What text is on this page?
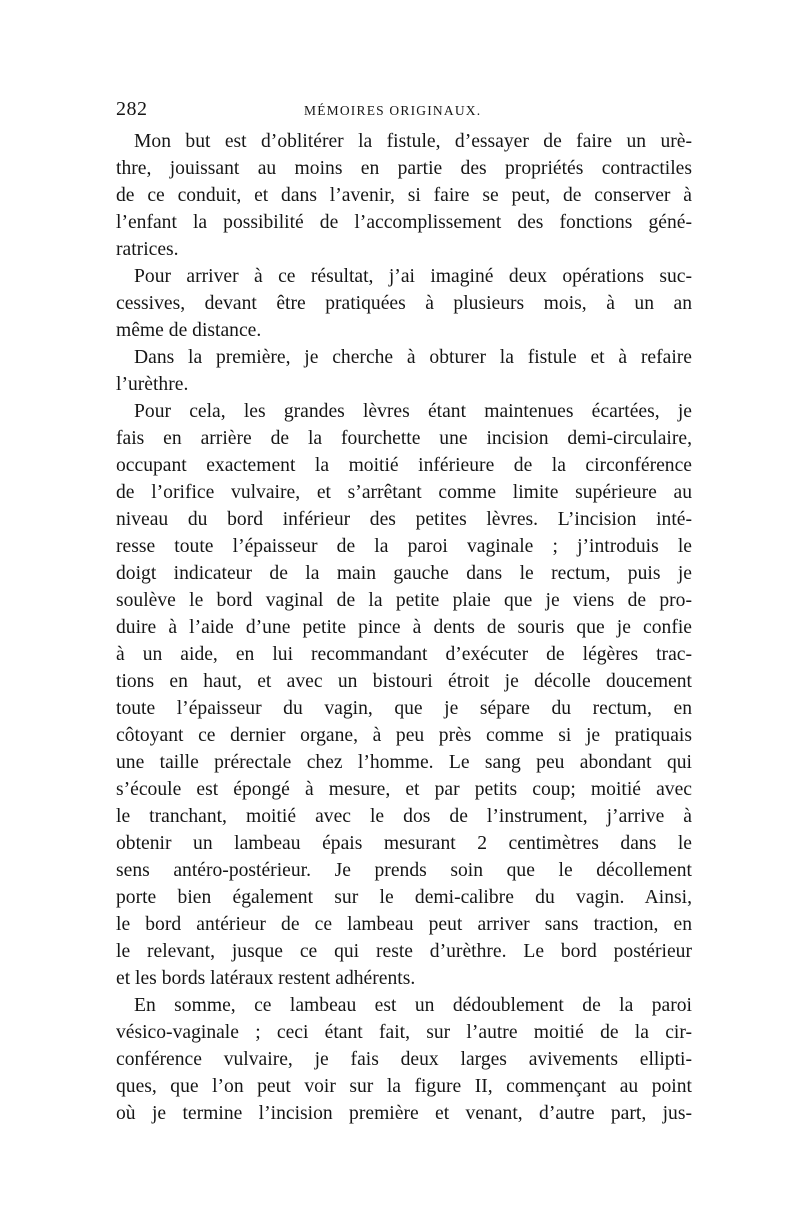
282	MÉMOIRES ORIGINAUX.
Mon but est d’oblitérer la fistule, d’essayer de faire un urè-
thre, jouissant au moins en partie des propriétés contractiles
de ce conduit, et dans l’avenir, si faire se peut, de conserver à
l’enfant la possibilité de l’accomplissement des fonctions géné-
ratrices.
Pour arriver à ce résultat, j’ai imaginé deux opérations suc-
cessives, devant être pratiquées à plusieurs mois, à un an
même de distance.
Dans la première, je cherche à obturer la fistule et à refaire
l’urèthre.
Pour cela, les grandes lèvres étant maintenues écartées, je
fais en arrière de la fourchette une incision demi-circulaire,
occupant exactement la moitié inférieure de la circonférence
de l’orifice vulvaire, et s’arrêtant comme limite supérieure au
niveau du bord inférieur des petites lèvres. L’incision inté-
resse toute l’épaisseur de la paroi vaginale ; j’introduis le
doigt indicateur de la main gauche dans le rectum, puis je
soulève le bord vaginal de la petite plaie que je viens de pro-
duire à l’aide d’une petite pince à dents de souris que je confie
à un aide, en lui recommandant d’exécuter de légères trac-
tions en haut, et avec un bistouri étroit je décolle doucement
toute l’épaisseur du vagin, que je sépare du rectum, en
côtoyant ce dernier organe, à peu près comme si je pratiquais
une taille prérectale chez l’homme. Le sang peu abondant qui
s’écoule est épongé à mesure, et par petits coup; moitié avec
le tranchant, moitié avec le dos de l’instrument, j’arrive à
obtenir un lambeau épais mesurant 2 centimètres dans le
sens antéro-postérieur. Je prends soin que le décollement
porte bien également sur le demi-calibre du vagin. Ainsi,
le bord antérieur de ce lambeau peut arriver sans traction, en
le relevant, jusque ce qui reste d’urèthre. Le bord postérieur
et les bords latéraux restent adhérents.
En somme, ce lambeau est un dédoublement de la paroi
vésico-vaginale ; ceci étant fait, sur l’autre moitié de la cir-
conférence vulvaire, je fais deux larges avivements ellipti-
ques, que l’on peut voir sur la figure II, commençant au point
où je termine l’incision première et venant, d’autre part, jus-
